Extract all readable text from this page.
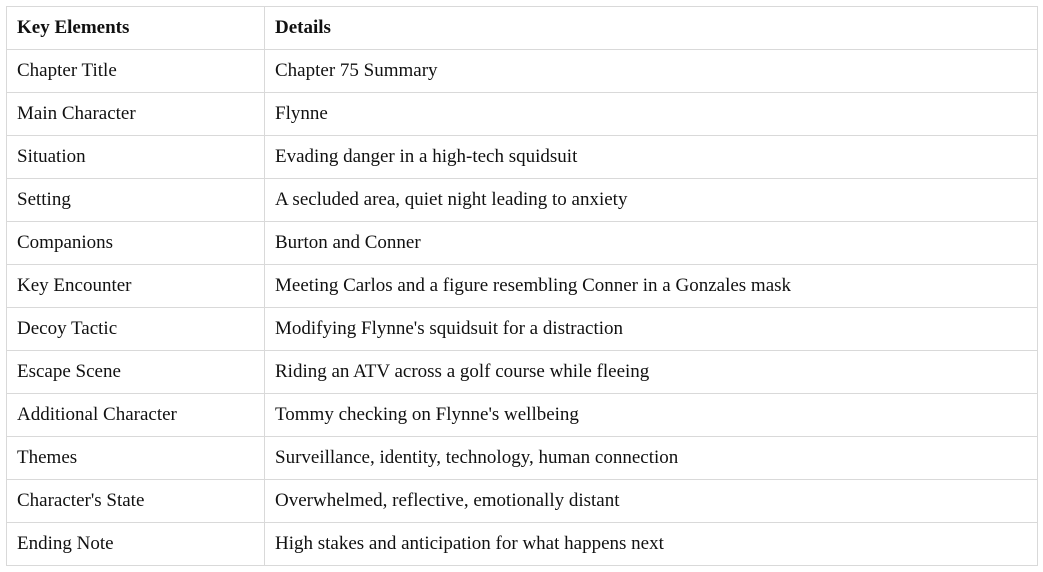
Key Elements	Details
Chapter Title	Chapter 75 Summary
Main Character	Flynne
Situation	Evading danger in a high-tech squidsuit
Setting	A secluded area, quiet night leading to anxiety
Companions	Burton and Conner
Key Encounter	Meeting Carlos and a figure resembling Conner in a Gonzales mask
Decoy Tactic	Modifying Flynne's squidsuit for a distraction
Escape Scene	Riding an ATV across a golf course while fleeing
Additional Character	Tommy checking on Flynne's wellbeing
Themes	Surveillance, identity, technology, human connection
Character's State	Overwhelmed, reflective, emotionally distant
Ending Note	High stakes and anticipation for what happens next
